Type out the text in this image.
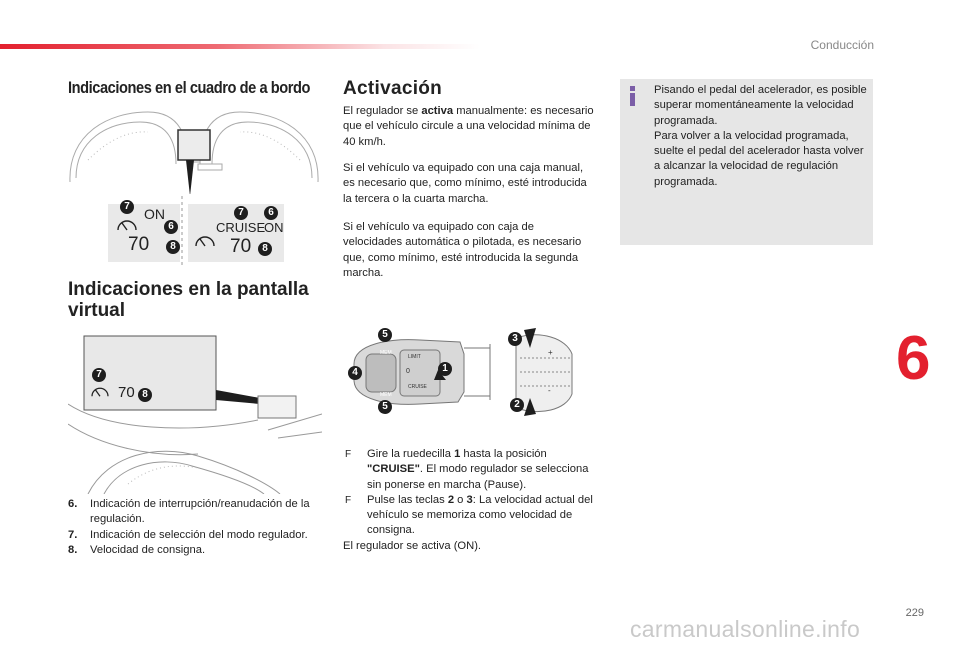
Conducción
Indicaciones en el cuadro de a bordo
ON
70
7
6
8
CRUISE
ON
70
7	6
8
Indicaciones en la pantalla virtual
70
7
8
6. Indicación de interrupción/reanudación de la regulación.
7. Indicación de selección del modo regulador.
8. Velocidad de consigna.
Activación
El regulador se activa manualmente: es necesario que el vehículo circule a una velocidad mínima de 40 km/h.
Si el vehículo va equipado con una caja manual, es necesario que, como mínimo, esté introducida la tercera o la cuarta marcha.
Si el vehículo va equipado con caja de velocidades automática o pilotada, es necesario que, como mínimo, esté introducida la segunda marcha.
5
4	1
5
3
2
MEM
LIMIT
0
CRUISE
MEM
+
-
F Gire la ruedecilla 1 hasta la posición "CRUISE". El modo regulador se selecciona sin ponerse en marcha (Pause).
F Pulse las teclas 2 o 3: La velocidad actual del vehículo se memoriza como velocidad de consigna.
El regulador se activa (ON).
Pisando el pedal del acelerador, es posible superar momentáneamente la velocidad programada.
Para volver a la velocidad programada, suelte el pedal del acelerador hasta volver a alcanzar la velocidad de regulación programada.
6
229
carmanualsonline.info
